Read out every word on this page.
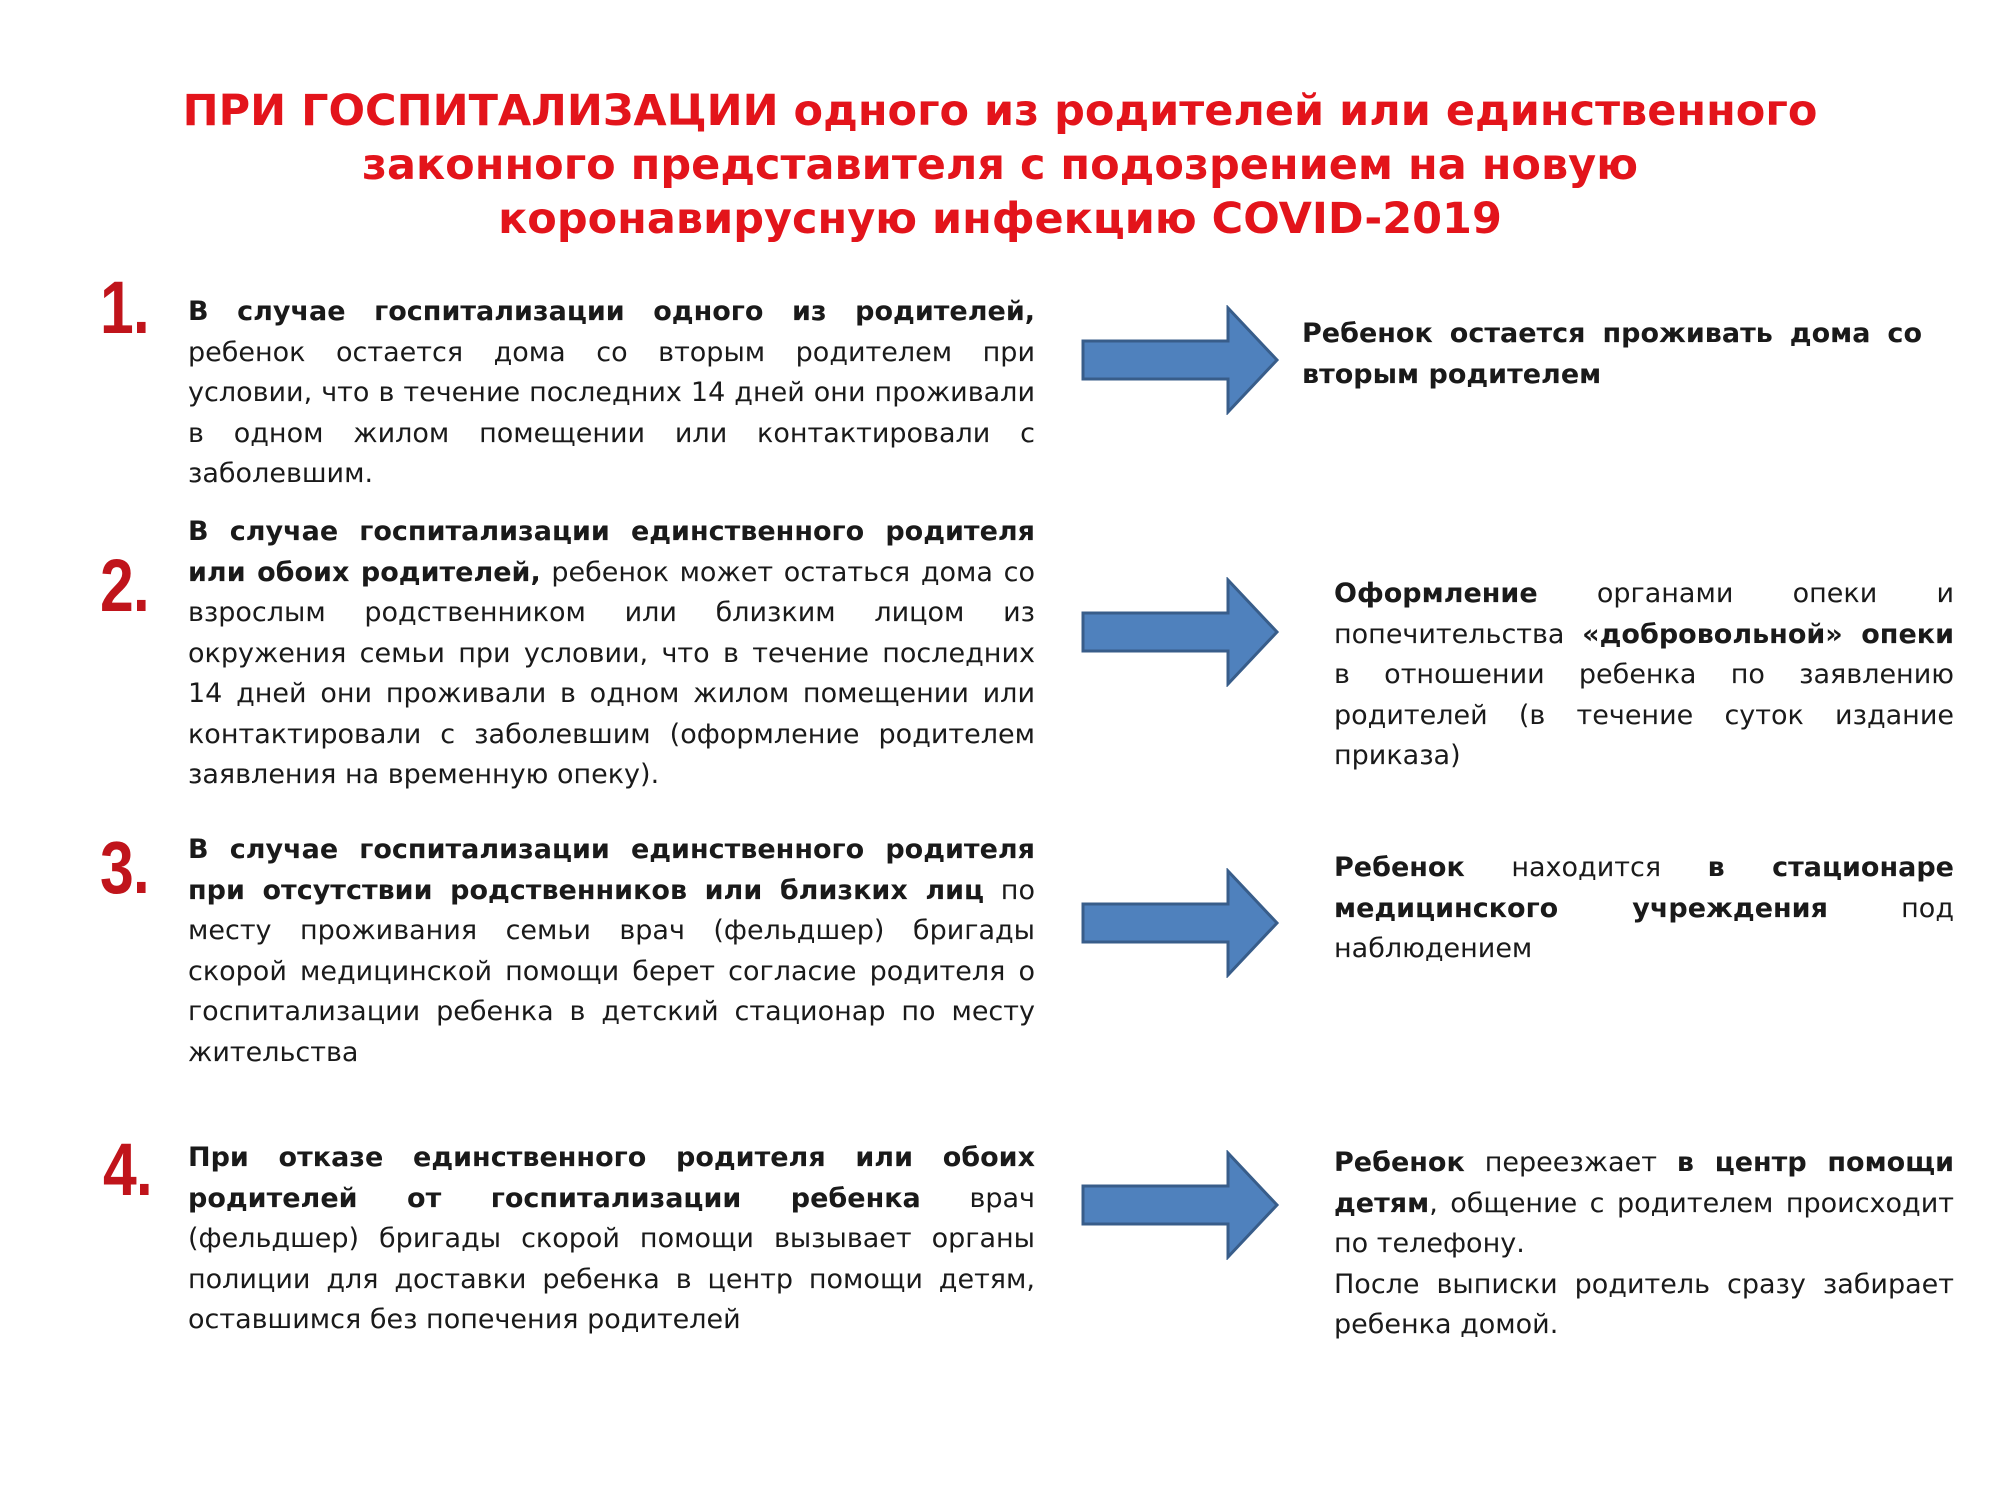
ПРИ ГОСПИТАЛИЗАЦИИ одного из родителей или единственного
законного представителя с подозрением на новую
коронавирусную инфекцию COVID-2019
1. В случае госпитализации одного из родителей, ребенок остается дома со вторым родителем при условии, что в течение последних 14 дней они проживали в одном жилом помещении или контактировали с заболевшим.
Ребенок остается проживать дома со вторым родителем
2.
В случае госпитализации единственного родителя или обоих родителей, ребенок может остаться дома со взрослым родственником или близким лицом из окружения семьи при условии, что в течение последних 14 дней они проживали в одном жилом помещении или контактировали с заболевшим (оформление родителем заявления на временную опеку).
Оформление органами опеки и попечительства «добровольной» опеки в отношении ребенка по заявлению родителей (в течение суток издание приказа)
3. В случае госпитализации единственного родителя при отсутствии родственников или близких лиц по месту проживания семьи врач (фельдшер) бригады скорой медицинской помощи берет согласие родителя о госпитализации ребенка в детский стационар по месту жительства
Ребенок находится в стационаре медицинского учреждения под наблюдением
4. При отказе единственного родителя или обоих родителей от госпитализации ребенка врач (фельдшер) бригады скорой помощи вызывает органы полиции для доставки ребенка в центр помощи детям, оставшимся без попечения родителей
Ребенок переезжает в центр помощи детям, общение с родителем происходит по телефону.
После выписки родитель сразу забирает ребенка домой.
